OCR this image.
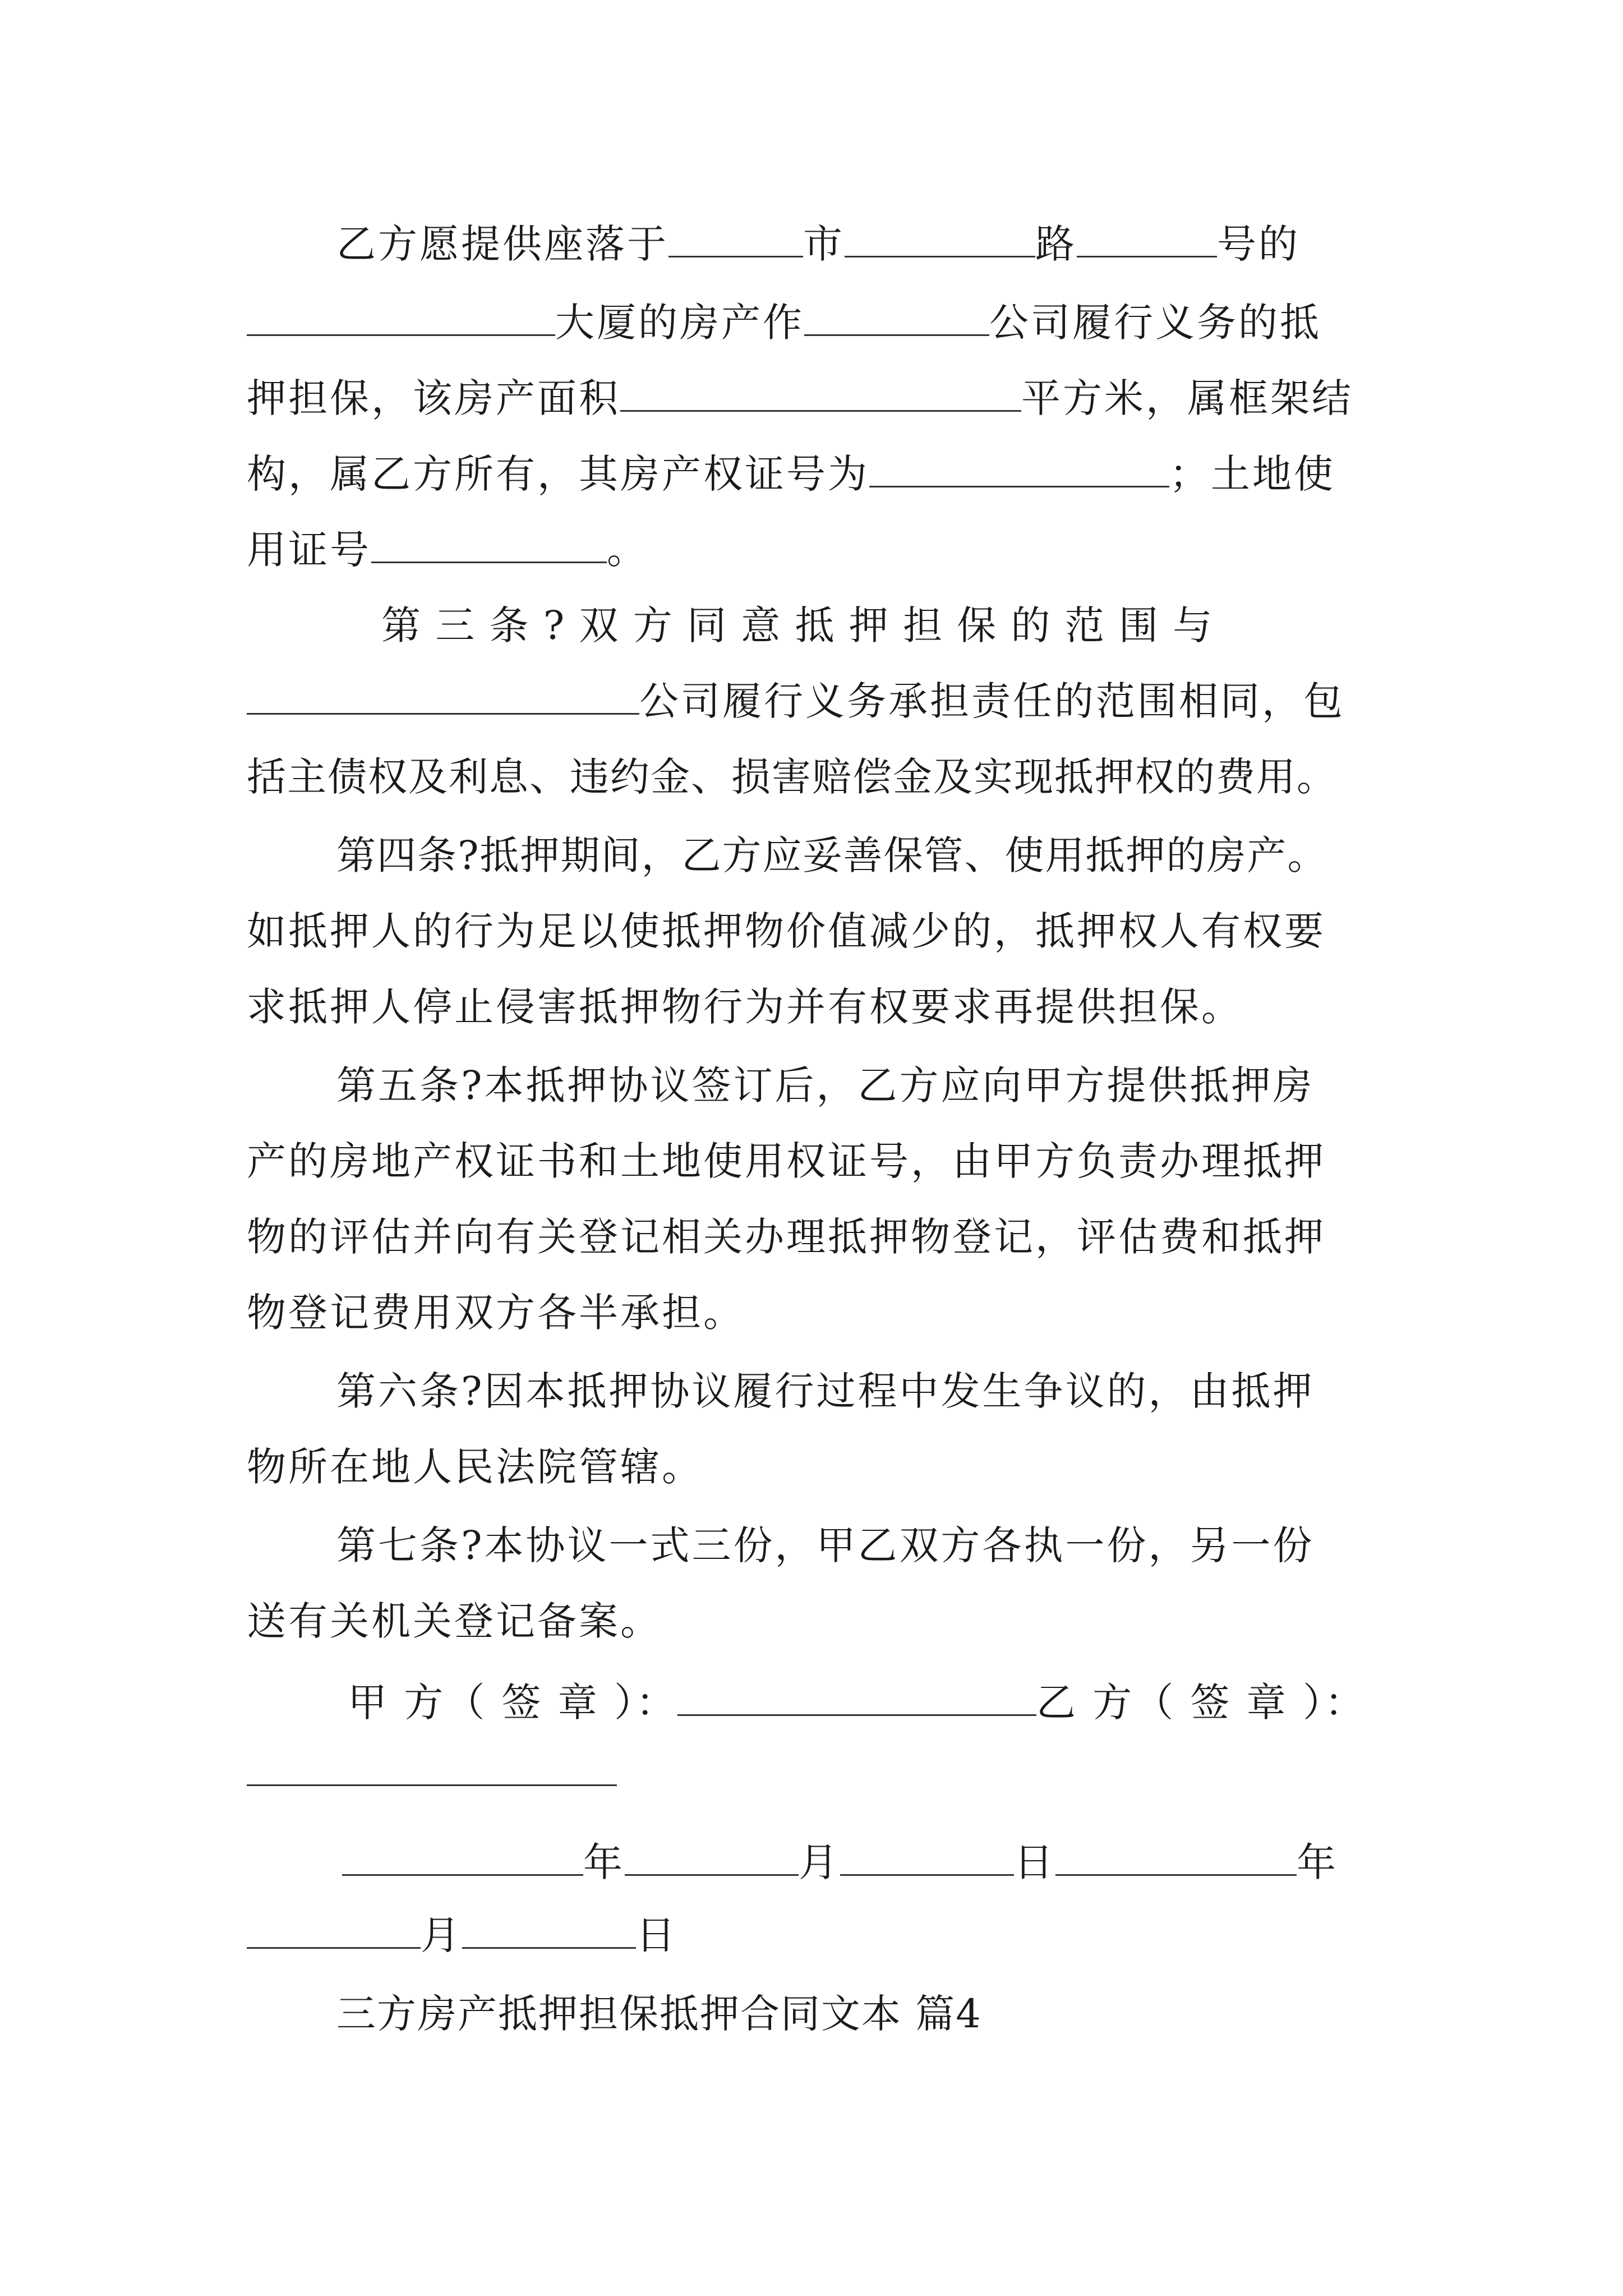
乙方愿提供座落于	市	路	号的
大厦的房产作	公司履行义务的抵
押担保，该房产面积	平方米，属框架结
构，属乙方所有，其房产权证号为	；土地使
用证号	。
第 三 条 ? 双 方 同 意 抵 押 担 保 的 范 围 与
公司履行义务承担责任的范围相同，包
括主债权及利息、违约金、损害赔偿金及实现抵押权的费用。
第四条?抵押期间，乙方应妥善保管、使用抵押的房产。
如抵押人的行为足以使抵押物价值减少的，抵押权人有权要
求抵押人停止侵害抵押物行为并有权要求再提供担保。
第五条?本抵押协议签订后，乙方应向甲方提供抵押房
产的房地产权证书和土地使用权证号，由甲方负责办理抵押
物的评估并向有关登记相关办理抵押物登记，评估费和抵押
物登记费用双方各半承担。
第六条?因本抵押协议履行过程中发生争议的，由抵押
物所在地人民法院管辖。
第七条?本协议一式三份，甲乙双方各执一份，另一份
送有关机关登记备案。
甲 方（ 签 章 ）：	乙 方（ 签 章 ）：
年	月	日	年
月	日
三方房产抵押担保抵押合同文本 篇4
